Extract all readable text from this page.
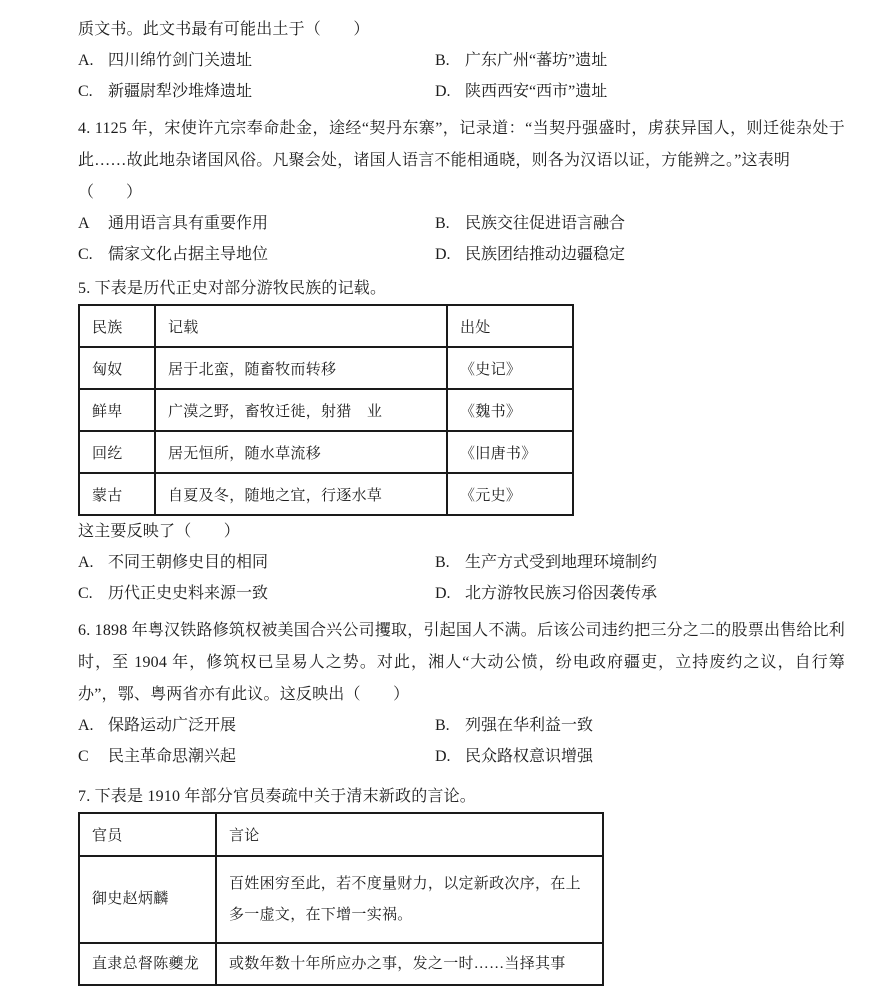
质文书。此文书最有可能出土于（　　）

A. 四川绵竹剑门关遗址	B. 广东广州“蕃坊”遗址
C. 新疆尉犁沙堆烽遗址	D. 陕西西安“西市”遗址

4. 1125 年，宋使许亢宗奉命赴金，途经“契丹东寨”，记录道：“当契丹强盛时，虏获异国人，则迁徙杂处于此……故此地杂诸国风俗。凡聚会处，诸国人语言不能相通晓，则各为汉语以证，方能辨之。”这表明

（　　）

A 通用语言具有重要作用	B. 民族交往促进语言融合
C. 儒家文化占据主导地位	D. 民族团结推动边疆稳定

5. 下表是历代正史对部分游牧民族的记载。

民族	记载	出处
匈奴	居于北蛮，随畜牧而转移	《史记》
鲜卑	广漠之野，畜牧迁徙，射猎　业	《魏书》
回纥	居无恒所，随水草流移	《旧唐书》
蒙古	自夏及冬，随地之宜，行逐水草	《元史》

这主要反映了（　　）

A. 不同王朝修史目的相同	B. 生产方式受到地理环境制约
C. 历代正史史料来源一致	D. 北方游牧民族习俗因袭传承

6. 1898 年粤汉铁路修筑权被美国合兴公司攫取，引起国人不满。后该公司违约把三分之二的股票出售给比利时，至 1904 年，修筑权已呈易人之势。对此，湘人“大动公愤，纷电政府疆吏，立持废约之议，自行筹办”，鄂、粤两省亦有此议。这反映出（　　）

A. 保路运动广泛开展	B. 列强在华利益一致
C 民主革命思潮兴起	D. 民众路权意识增强

7. 下表是 1910 年部分官员奏疏中关于清末新政的言论。

官员	言论
御史赵炳麟	百姓困穷至此，若不度量财力，以定新政次序，在上多一虚文，在下增一实祸。
直隶总督陈夔龙	或数年数十年所应办之事，发之一时……当择其事
